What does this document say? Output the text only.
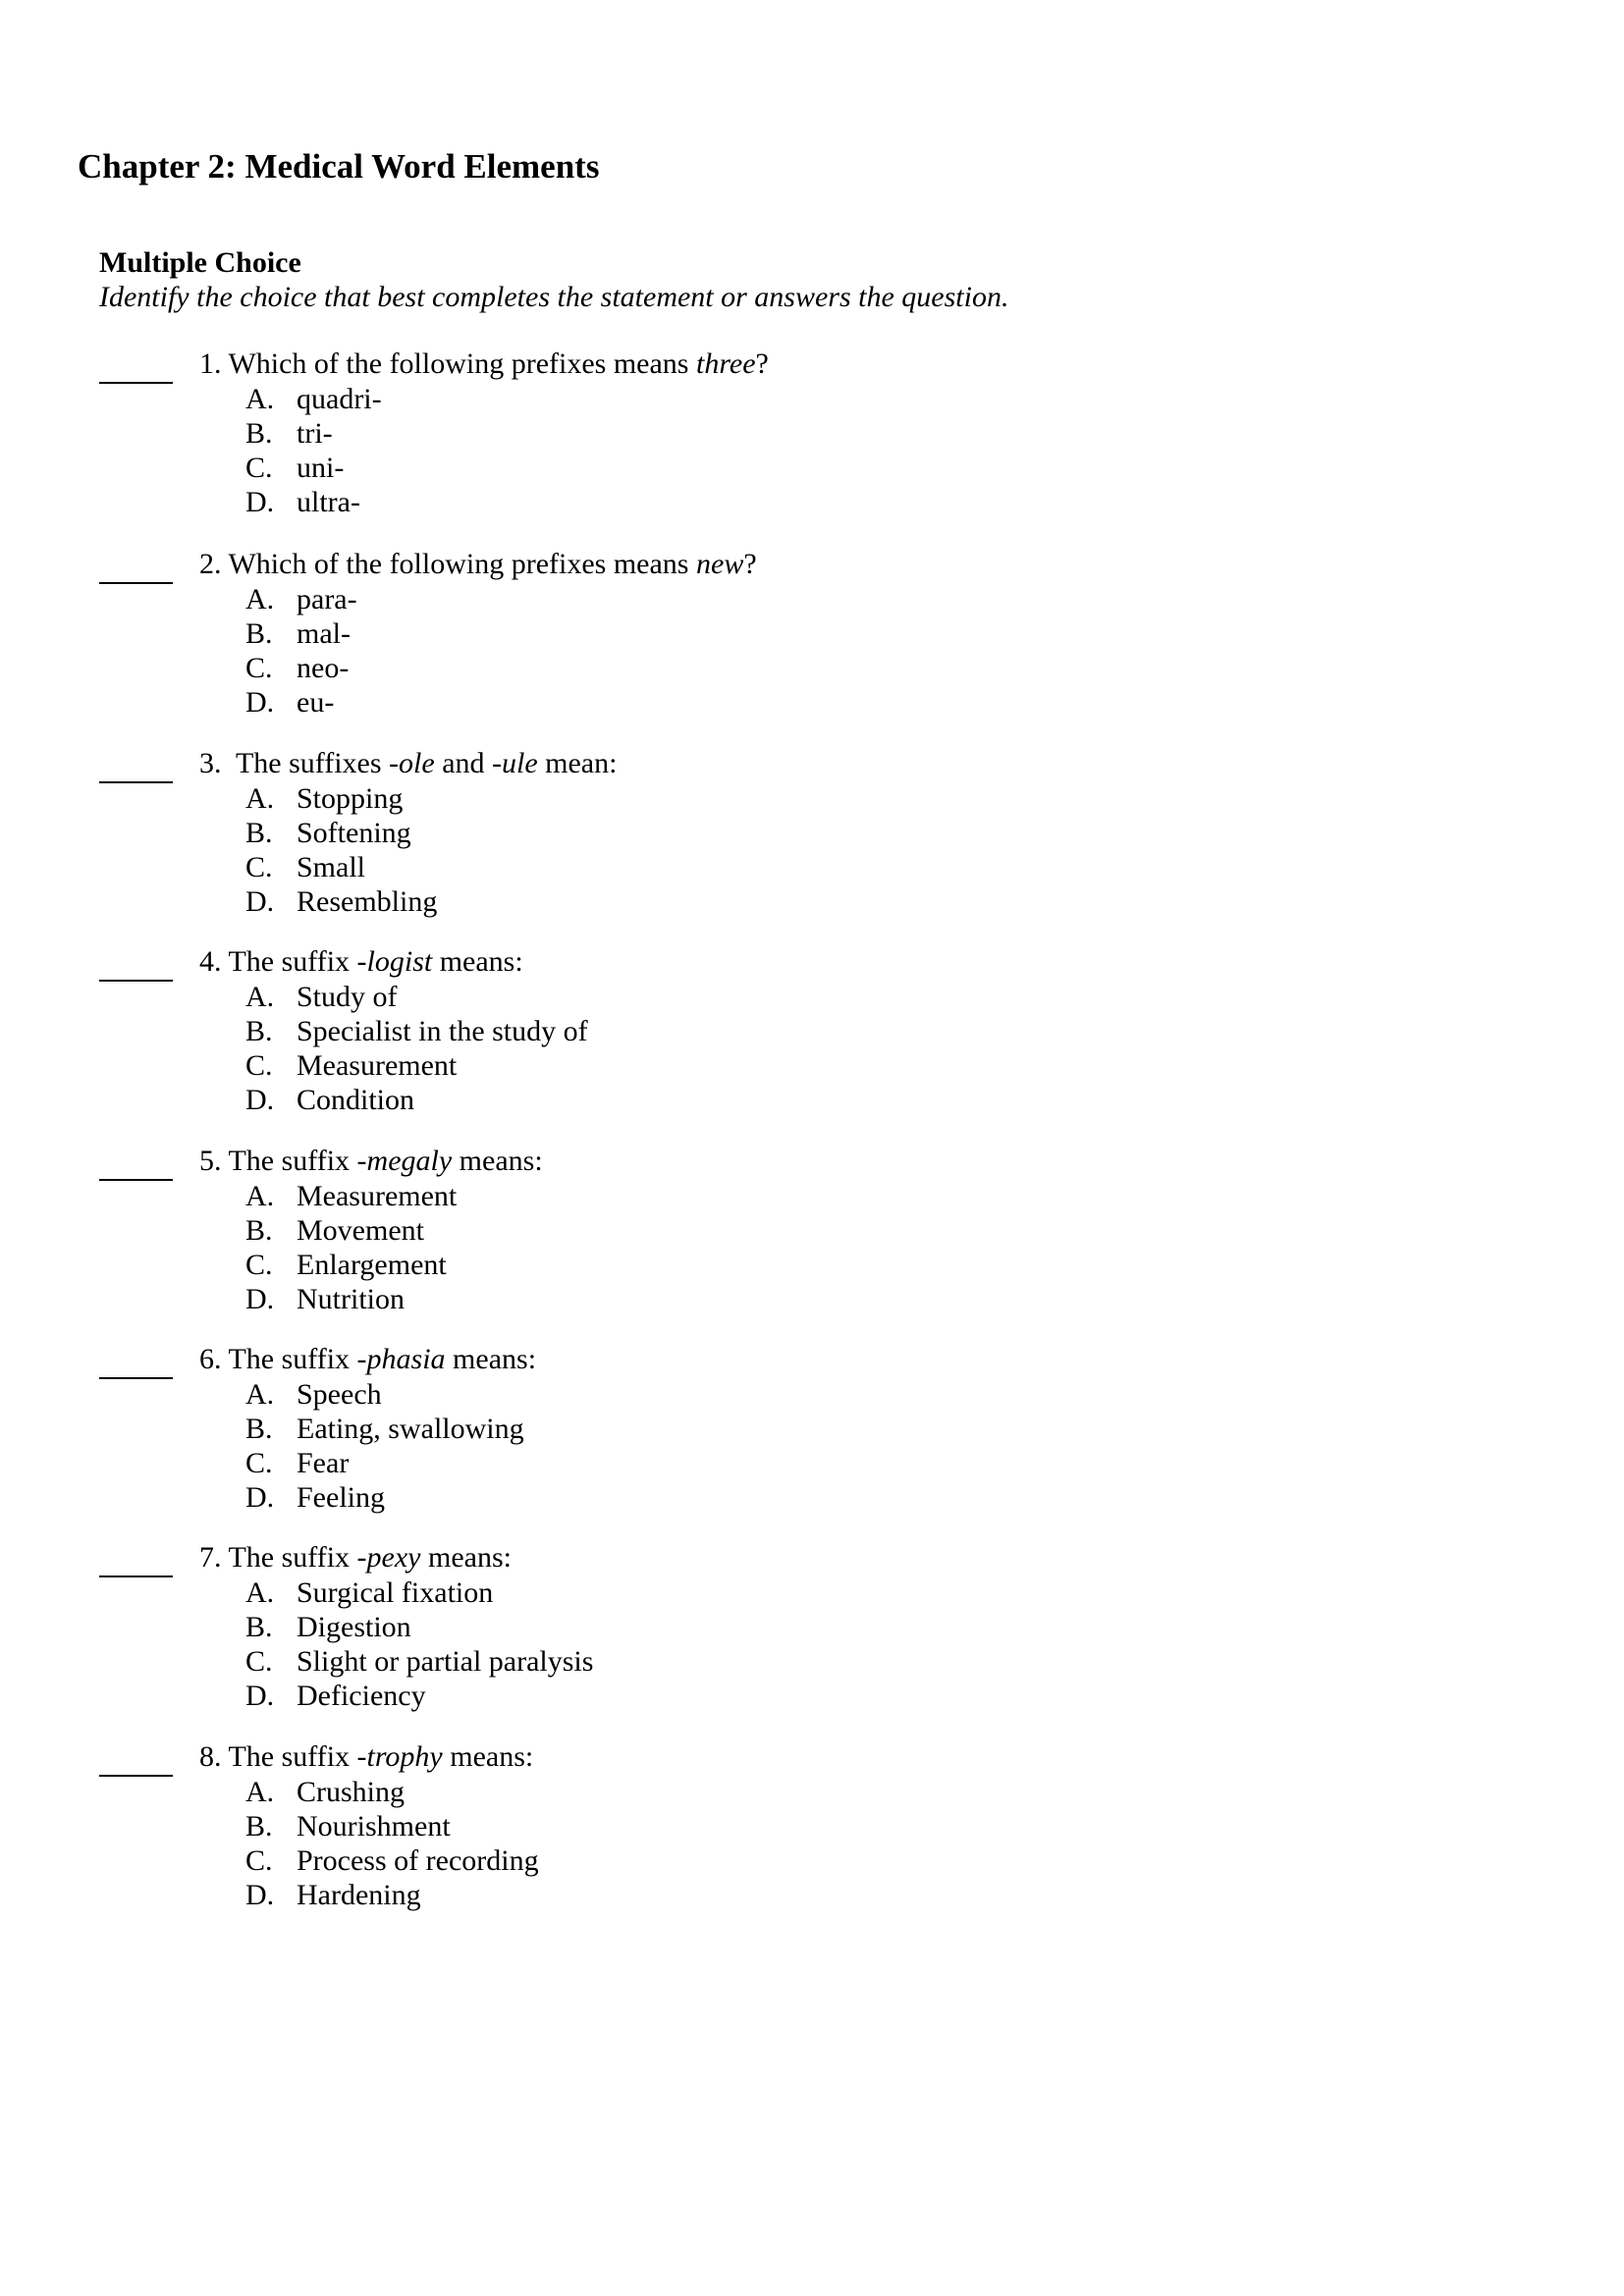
Chapter 2: Medical Word Elements
Multiple Choice
Identify the choice that best completes the statement or answers the question.
1. Which of the following prefixes means three?
A. quadri-
B. tri-
C. uni-
D. ultra-
2. Which of the following prefixes means new?
A. para-
B. mal-
C. neo-
D. eu-
3.  The suffixes -ole and -ule mean:
A. Stopping
B. Softening
C. Small
D. Resembling
4. The suffix -logist means:
A. Study of
B. Specialist in the study of
C. Measurement
D. Condition
5. The suffix -megaly means:
A. Measurement
B. Movement
C. Enlargement
D. Nutrition
6. The suffix -phasia means:
A. Speech
B. Eating, swallowing
C. Fear
D. Feeling
7. The suffix -pexy means:
A. Surgical fixation
B. Digestion
C. Slight or partial paralysis
D. Deficiency
8. The suffix -trophy means:
A. Crushing
B. Nourishment
C. Process of recording
D. Hardening
